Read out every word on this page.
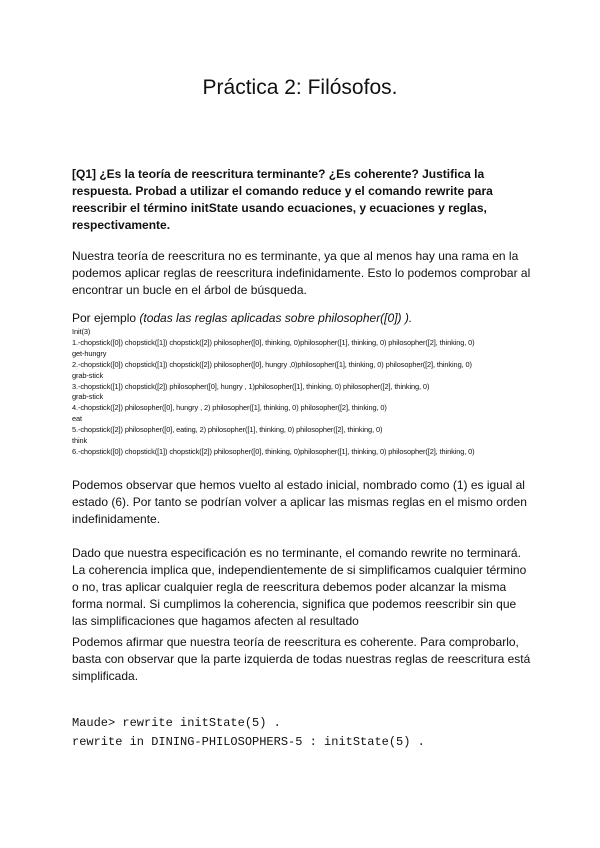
Práctica 2: Filósofos.

[Q1] ¿Es la teoría de reescritura terminante? ¿Es coherente? Justifica la respuesta. Probad a utilizar el comando reduce y el comando rewrite para reescribir el término initState usando ecuaciones, y ecuaciones y reglas, respectivamente.

Nuestra teoría de reescritura no es terminante, ya que al menos hay una rama en la podemos aplicar reglas de reescritura indefinidamente. Esto lo podemos comprobar al encontrar un bucle en el árbol de búsqueda.

Por ejemplo (todas las reglas aplicadas sobre philosopher([0]) ).

Init(3)
1.-chopstick([0]) chopstick([1]) chopstick([2]) philosopher([0], thinking, 0)philosopher([1], thinking, 0) philosopher([2], thinking, 0)
get-hungry
2.-chopstick([0]) chopstick([1]) chopstick([2]) philosopher([0], hungry ,0)philosopher([1], thinking, 0) philosopher([2], thinking, 0)
grab-stick
3.-chopstick([1]) chopstick([2]) philosopher([0], hungry , 1)philosopher([1], thinking, 0) philosopher([2], thinking, 0)
grab-stick
4.-chopstick([2]) philosopher([0], hungry , 2) philosopher([1], thinking, 0) philosopher([2], thinking, 0)
eat
5.-chopstick([2]) philosopher([0], eating, 2) philosopher([1], thinking, 0) philosopher([2], thinking, 0)
think
6.-chopstick([0]) chopstick([1]) chopstick([2]) philosopher([0], thinking, 0)philosopher([1], thinking, 0) philosopher([2], thinking, 0)

Podemos observar que hemos vuelto al estado inicial, nombrado como (1) es igual al estado (6). Por tanto se podrían volver a aplicar las mismas reglas en el mismo orden indefinidamente.

Dado que nuestra especificación es no terminante, el comando rewrite no terminará. La coherencia implica que, independientemente de si simplificamos cualquier término o no, tras aplicar cualquier regla de reescritura debemos poder alcanzar la misma forma normal. Si cumplimos la coherencia, significa que podemos reescribir sin que las simplificaciones que hagamos afecten al resultado

Podemos afirmar que nuestra teoría de reescritura es coherente. Para comprobarlo, basta con observar que la parte izquierda de todas nuestras reglas de reescritura está simplificada.

Maude> rewrite initState(5) .
rewrite in DINING-PHILOSOPHERS-5 : initState(5) .
